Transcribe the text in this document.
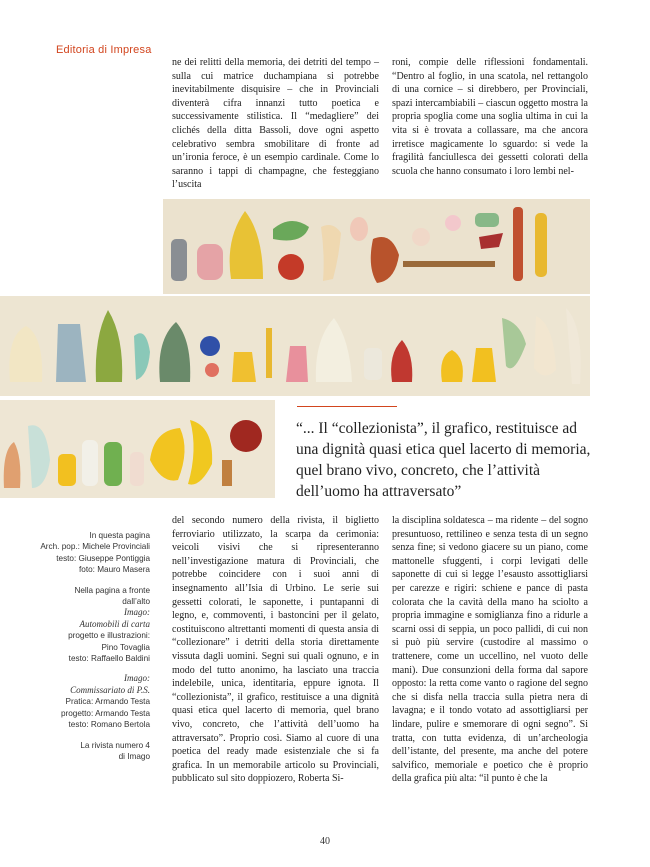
Editoria di Impresa

ne dei relitti della memoria, dei detriti del tempo – sulla cui matrice duchampiana si potrebbe inevitabilmente disquisire – che in Provinciali diventerà cifra innanzi tutto poetica e successivamente stilistica. Il “medagliere” dei clichés della ditta Bassoli, dove ogni aspetto celebrativo sembra smobilitare di fronte ad un’ironia feroce, è un esempio cardinale. Come lo saranno i tappi di champagne, che festeggiano l’uscita

roni, compie delle riflessioni fondamentali. “Dentro al foglio, in una scatola, nel rettangolo di una cornice – si direbbero, per Provinciali, spazi intercambiabili – ciascun oggetto mostra la propria spoglia come una soglia ultima in cui la vita si è trovata a collassare, ma che ancora irretisce magicamente lo sguardo: si vede la fragilità fanciullesca dei gessetti coloratì della scuola che hanno consumato i loro lembi nel-

“... Il “collezionista”, il grafico, restituisce ad una dignità quasi etica quel lacerto di memoria, quel brano vivo, concreto, che l’attività dell’uomo ha attraversato”

In questa pagina
Arch. pop.: Michele Provinciali
testo: Giuseppe Pontiggia
foto: Mauro Masera

Nella pagina a fronte
dall’alto
Imago:
Automobili di carta
progetto e illustrazioni:
Pino Tovaglia
testo: Raffaello Baldini

Imago:
Commissariato di P.S.
Pratica: Armando Testa
progetto: Armando Testa
testo: Romano Bertola

La rivista numero 4
di Imago

del secondo numero della rivista, il biglietto ferroviario utilizzato, la scarpa da cerimonia: veicoli visivi che si ripresenteranno nell’investigazione matura di Provinciali, che potrebbe coincidere con i suoi anni di insegnamento all’Isia di Urbino. Le serie sui gessetti colorati, le saponette, i puntapanni di legno, e, commoventi, i bastoncini per il gelato, costituiscono altrettanti momenti di questa ansia di “collezionare” i detriti della storia direttamente vissuta dagli uomini. Segni sui quali ognuno, e in modo del tutto anonimo, ha lasciato una traccia indelebile, unica, identitaria, eppure ignota. Il “collezionista”, il grafico, restituisce a una dignità quasi etica quel lacerto di memoria, quel brano vivo, concreto, che l’attività dell’uomo ha attraversato”. Proprio così. Siamo al cuore di una poetica del ready made esistenziale che si fa grafica. In un memorabile articolo su Provinciali, pubblicato sul sito doppiozero, Roberta Si-

la disciplina soldatesca – ma ridente – del sogno presuntuoso, rettilineo e senza testa di un segno senza fine; si vedono giacere su un piano, come mattonelle sfuggenti, i corpi levigati delle saponette di cui si legge l’esausto assottigliarsi per carezze e rigiri: schiene e pance di pasta colorata che la cavità della mano ha sciolto a propria immagine e somiglianza fino a ridurle a scarni ossi di seppia, un poco pallidi, di cui non si può più servire (custodire al massimo o trattenere, come un uccellino, nel vuoto delle mani). Due consunzioni della forma dal sapore opposto: la retta come vanto o ragione del segno che si disfa nella traccia sulla pietra nera di lavagna; e il tondo votato ad assottigliarsi per lindare, pulire e smemorare di ogni segno”. Si tratta, con tutta evidenza, di un’archeologia dell’istante, del presente, ma anche del potere salvifico, memoriale e poetico che è proprio della grafica più alta: “il punto è che la

40
